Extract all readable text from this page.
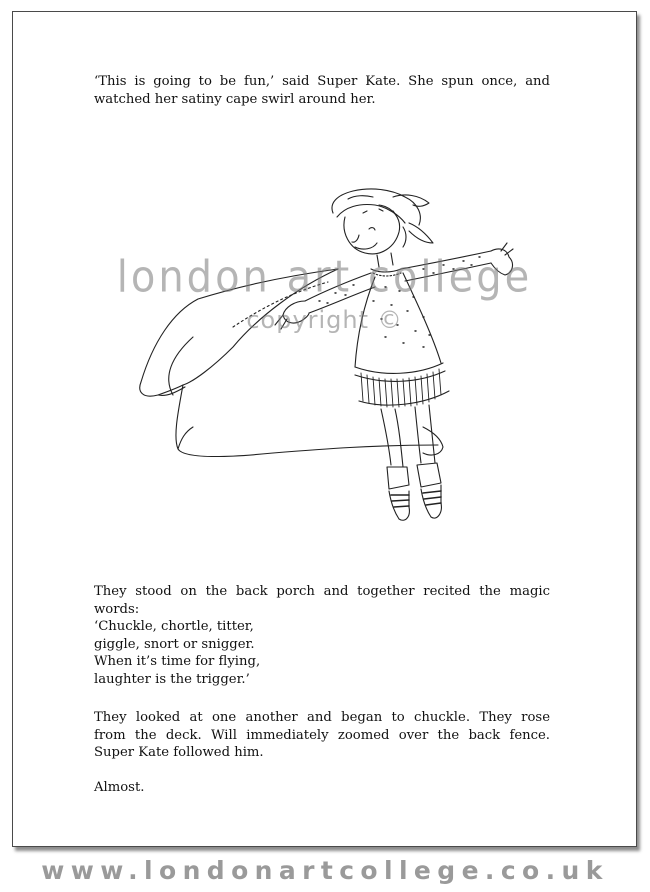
‘This is going to be fun,’ said Super Kate. She spun once, and
watched her satiny cape swirl around her.

london art college
copyright ©

They stood on the back porch and together recited the magic
words:
‘Chuckle, chortle, titter,
giggle, snort or snigger.
When it’s time for flying,
laughter is the trigger.’

They looked at one another and began to chuckle. They rose
from the deck. Will immediately zoomed over the back fence.
Super Kate followed him.

Almost.

www.londonartcollege.co.uk
